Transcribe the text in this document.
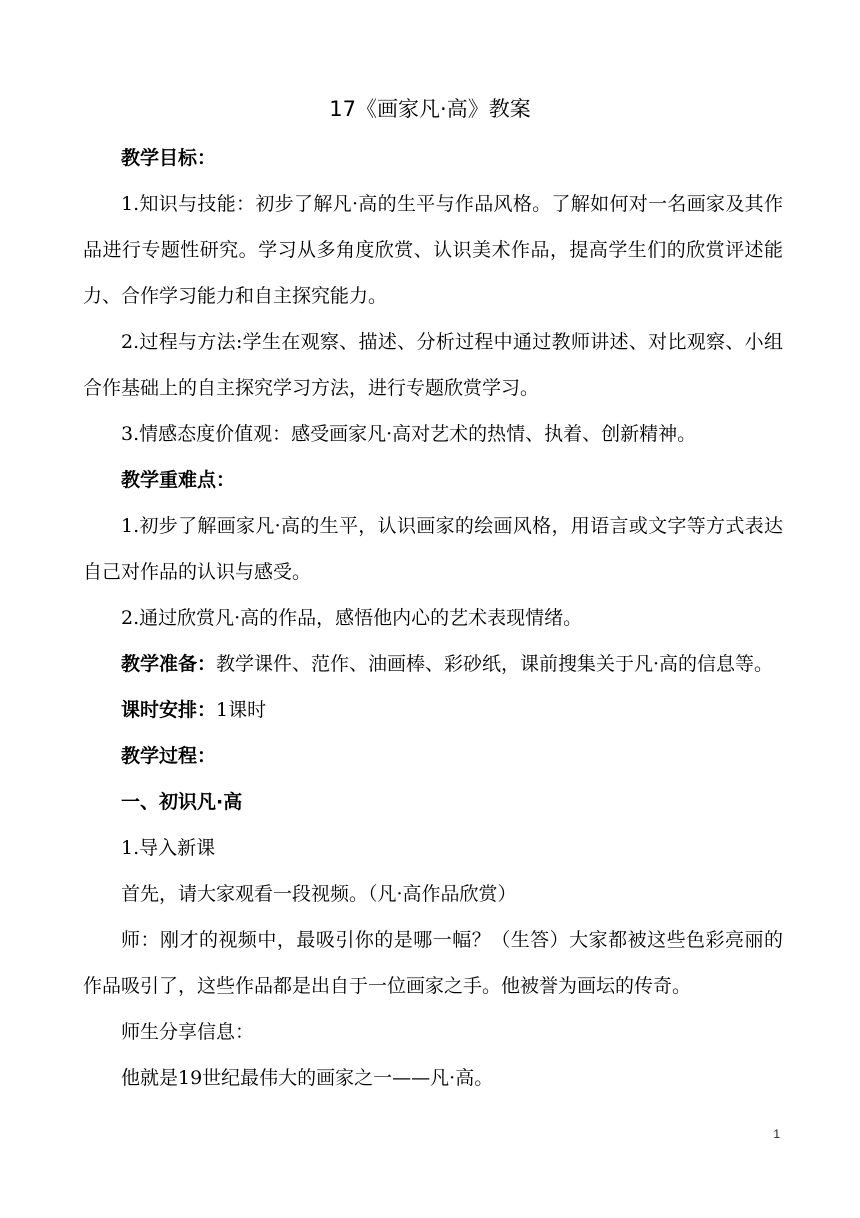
17《画家凡·高》教案

教学目标：

1.知识与技能：初步了解凡·高的生平与作品风格。了解如何对一名画家及其作品进行专题性研究。学习从多角度欣赏、认识美术作品，提高学生们的欣赏评述能力、合作学习能力和自主探究能力。

2.过程与方法:学生在观察、描述、分析过程中通过教师讲述、对比观察、小组合作基础上的自主探究学习方法，进行专题欣赏学习。

3.情感态度价值观：感受画家凡·高对艺术的热情、执着、创新精神。

教学重难点：

1.初步了解画家凡·高的生平，认识画家的绘画风格，用语言或文字等方式表达自己对作品的认识与感受。

2.通过欣赏凡·高的作品，感悟他内心的艺术表现情绪。

教学准备：教学课件、范作、油画棒、彩砂纸，课前搜集关于凡·高的信息等。

课时安排：1课时

教学过程：

一、初识凡·高

1.导入新课

首先，请大家观看一段视频。（凡·高作品欣赏）

师：刚才的视频中，最吸引你的是哪一幅？（生答）大家都被这些色彩亮丽的作品吸引了，这些作品都是出自于一位画家之手。他被誉为画坛的传奇。

师生分享信息：

他就是19世纪最伟大的画家之一——凡·高。

1
